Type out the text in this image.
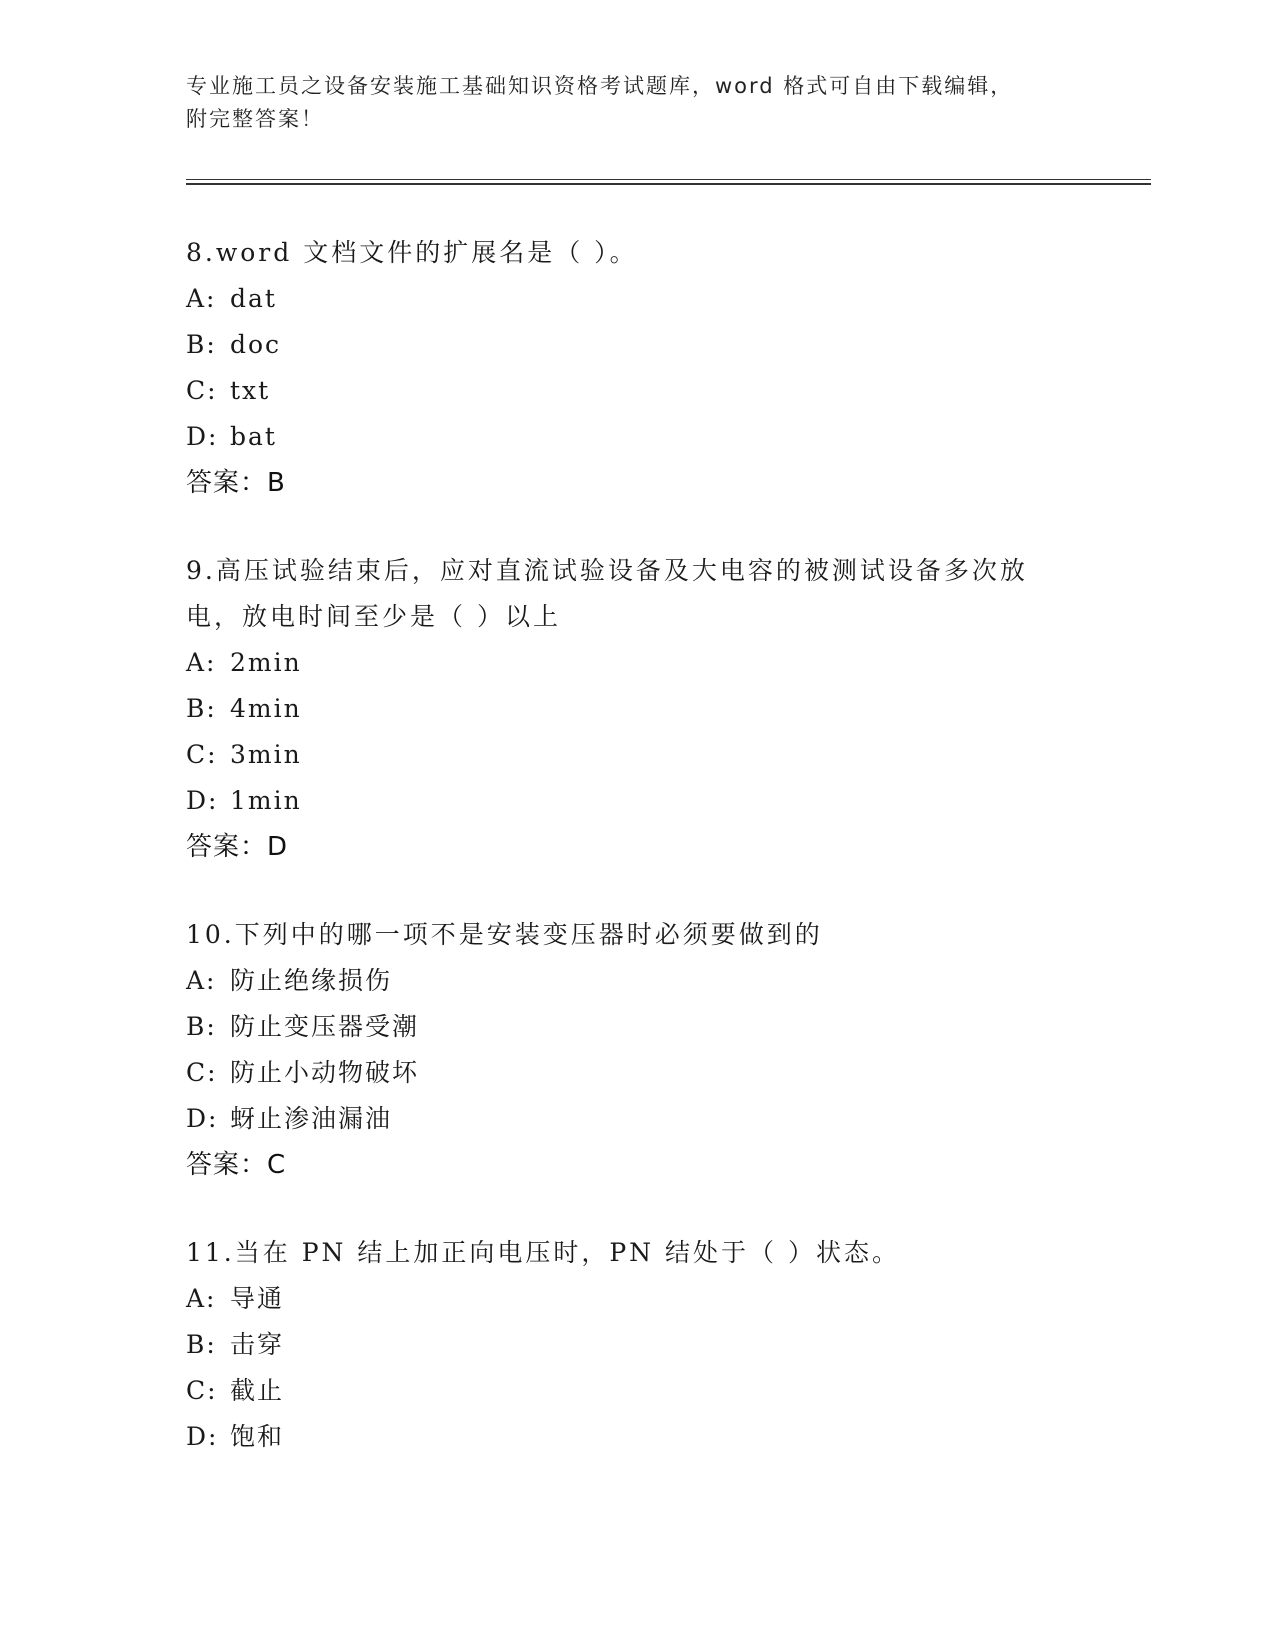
专业施工员之设备安装施工基础知识资格考试题库，word 格式可自由下载编辑，
附完整答案！

8.word 文档文件的扩展名是（ ）。

A: dat
B: doc
C: txt
D: bat
答案：B

9.高压试验结束后，应对直流试验设备及大电容的被测试设备多次放

电，放电时间至少是（ ）以上

A: 2min
B: 4min
C: 3min
D: 1min
答案：D

10.下列中的哪一项不是安装变压器时必须要做到的

A: 防止绝缘损伤
B: 防止变压器受潮
C: 防止小动物破坏
D: 蚜止渗油漏油
答案：C

11.当在 PN 结上加正向电压时，PN 结处于（ ）状态。

A: 导通
B: 击穿
C: 截止
D: 饱和
